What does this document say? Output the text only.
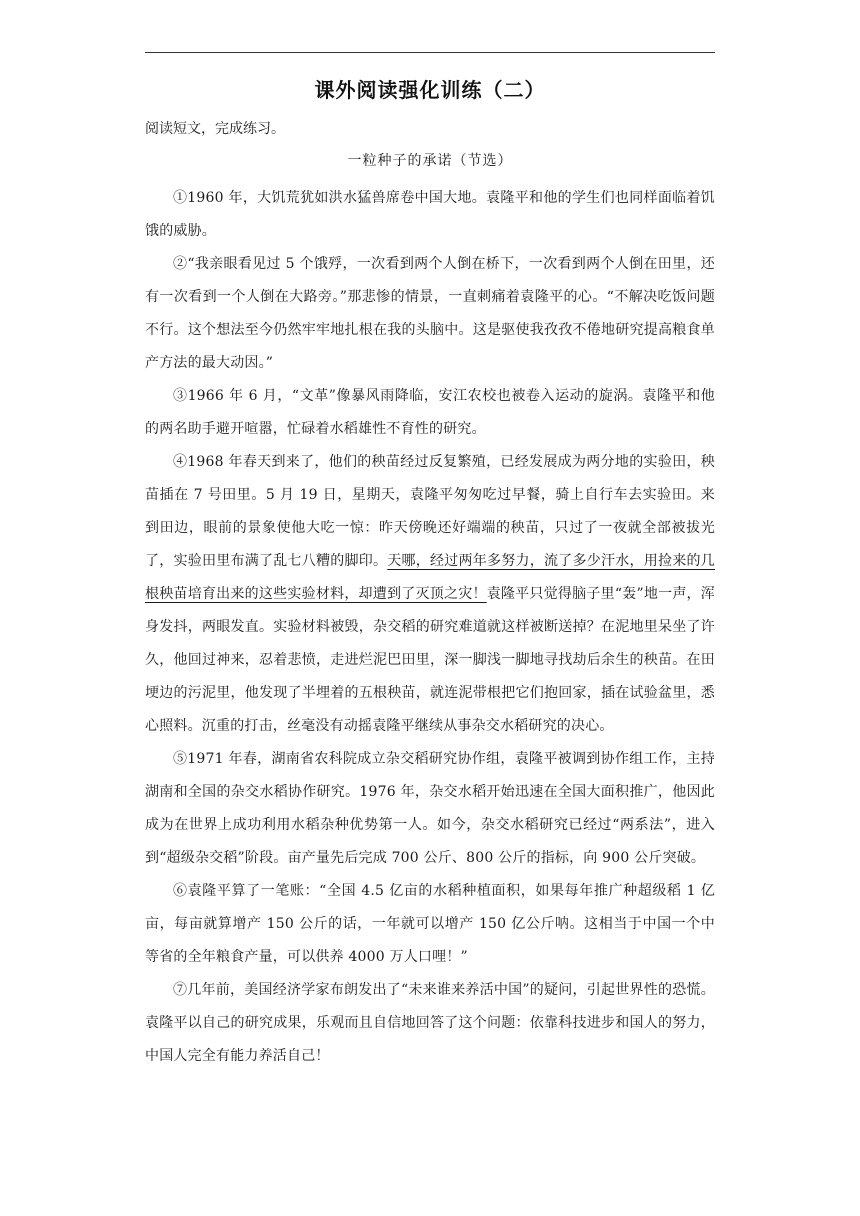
课外阅读强化训练（二）
阅读短文，完成练习。
一粒种子的承诺（节选）

①1960 年，大饥荒犹如洪水猛兽席卷中国大地。袁隆平和他的学生们也同样面临着饥饿的威胁。

②“我亲眼看见过 5 个饿殍，一次看到两个人倒在桥下，一次看到两个人倒在田里，还有一次看到一个人倒在大路旁。”那悲惨的情景，一直刺痛着袁隆平的心。“不解决吃饭问题不行。这个想法至今仍然牢牢地扎根在我的头脑中。这是驱使我孜孜不倦地研究提高粮食单产方法的最大动因。”

③1966 年 6 月，“文革”像暴风雨降临，安江农校也被卷入运动的旋涡。袁隆平和他的两名助手避开喧嚣，忙碌着水稻雄性不育性的研究。

④1968 年春天到来了，他们的秧苗经过反复繁殖，已经发展成为两分地的实验田，秧苗插在 7 号田里。5 月 19 日，星期天，袁隆平匆匆吃过早餐，骑上自行车去实验田。来到田边，眼前的景象使他大吃一惊：昨天傍晚还好端端的秧苗，只过了一夜就全部被拔光了，实验田里布满了乱七八糟的脚印。天哪，经过两年多努力，流了多少汗水，用捡来的几根秧苗培育出来的这些实验材料，却遭到了灭顶之灾！袁隆平只觉得脑子里“轰”地一声，浑身发抖，两眼发直。实验材料被毁，杂交稻的研究难道就这样被断送掉？在泥地里呆坐了许久，他回过神来，忍着悲愤，走进烂泥巴田里，深一脚浅一脚地寻找劫后余生的秧苗。在田埂边的污泥里，他发现了半埋着的五根秧苗，就连泥带根把它们抱回家，插在试验盆里，悉心照料。沉重的打击，丝毫没有动摇袁隆平继续从事杂交水稻研究的决心。

⑤1971 年春，湖南省农科院成立杂交稻研究协作组，袁隆平被调到协作组工作，主持湖南和全国的杂交水稻协作研究。1976 年，杂交水稻开始迅速在全国大面积推广，他因此成为在世界上成功利用水稻杂种优势第一人。如今，杂交水稻研究已经过“两系法”，进入到“超级杂交稻”阶段。亩产量先后完成 700 公斤、800 公斤的指标，向 900 公斤突破。

⑥袁隆平算了一笔账：“全国 4.5 亿亩的水稻种植面积，如果每年推广种超级稻 1 亿亩，每亩就算增产 150 公斤的话，一年就可以增产 150 亿公斤呐。这相当于中国一个中等省的全年粮食产量，可以供养 4000 万人口哩！”

⑦几年前，美国经济学家布朗发出了“未来谁来养活中国”的疑问，引起世界性的恐慌。袁隆平以自己的研究成果，乐观而且自信地回答了这个问题：依靠科技进步和国人的努力，中国人完全有能力养活自己！
